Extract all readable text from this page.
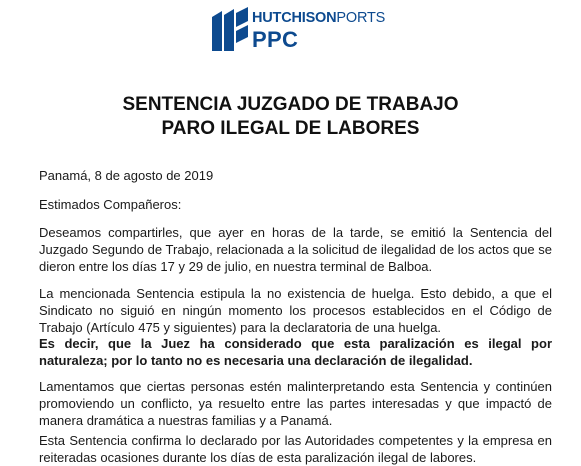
HUTCHISONPORTS
PPC
SENTENCIA JUZGADO DE TRABAJO
PARO ILEGAL DE LABORES

Panamá, 8 de agosto de 2019

Estimados Compañeros:

Deseamos compartirles, que ayer en horas de la tarde, se emitió la Sentencia del Juzgado Segundo de Trabajo, relacionada a la solicitud de ilegalidad de los actos que se dieron entre los días 17 y 29 de julio, en nuestra terminal de Balboa.

La mencionada Sentencia estipula la no existencia de huelga. Esto debido, a que el Sindicato no siguió en ningún momento los procesos establecidos en el Código de Trabajo (Artículo 475 y siguientes) para la declaratoria de una huelga.

Es decir, que la Juez ha considerado que esta paralización es ilegal por naturaleza; por lo tanto no es necesaria una declaración de ilegalidad.

Lamentamos que ciertas personas estén malinterpretando esta Sentencia y continúen promoviendo un conflicto, ya resuelto entre las partes interesadas y que impactó de manera dramática a nuestras familias y a Panamá.

Esta Sentencia confirma lo declarado por las Autoridades competentes y la empresa en reiteradas ocasiones durante los días de esta paralización ilegal de labores.
